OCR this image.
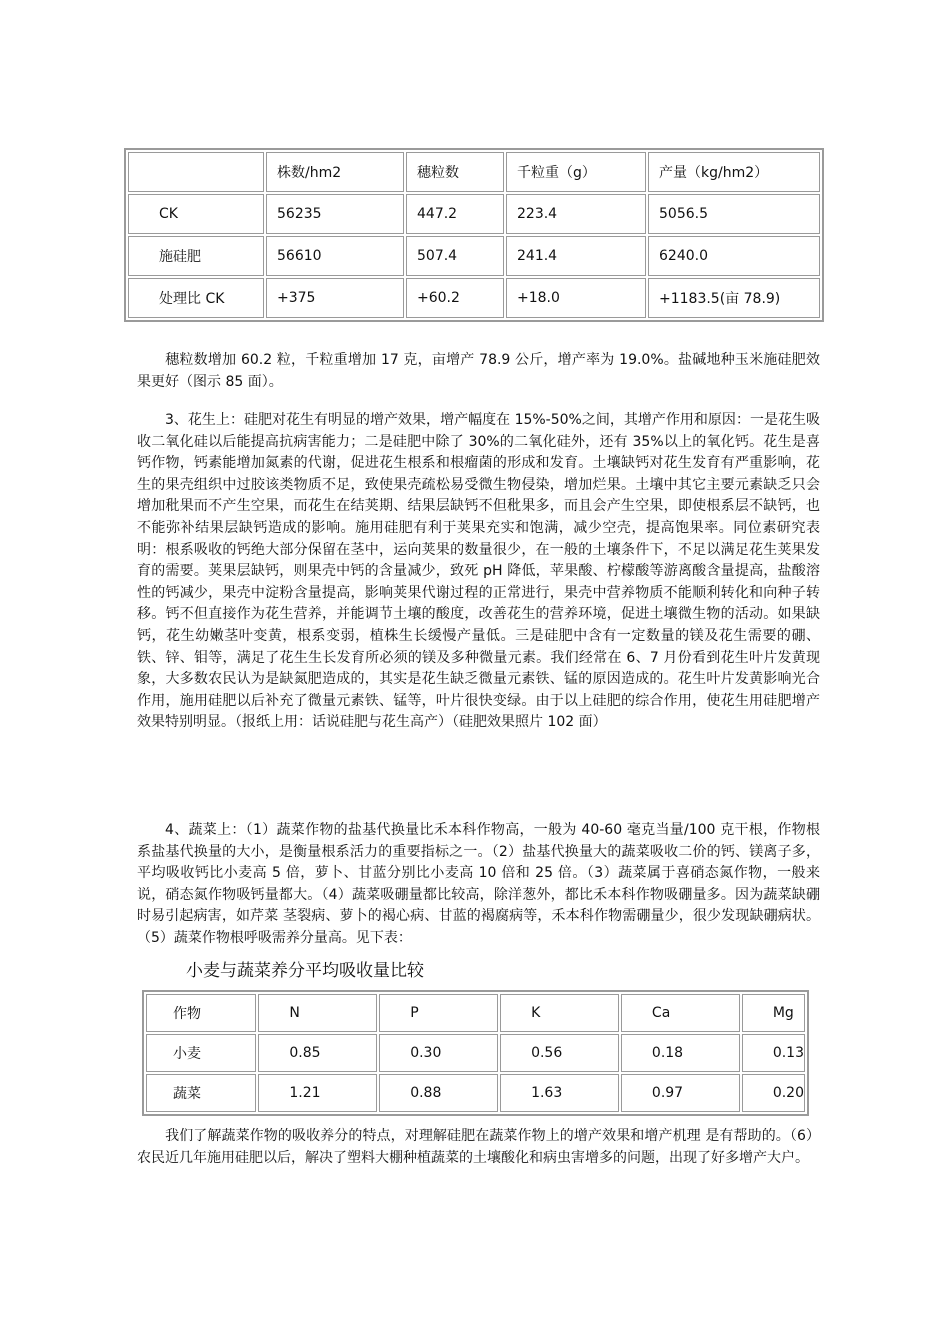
	株数/hm2	穗粒数	千粒重（g）	产量（kg/hm2）
CK	56235	447.2	223.4	5056.5
施硅肥	56610	507.4	241.4	6240.0
处理比 CK	+375	+60.2	+18.0	+1183.5(亩 78.9)

穗粒数增加 60.2 粒，千粒重增加 17 克，亩增产 78.9 公斤，增产率为 19.0%。盐碱地种玉米施硅肥效果更好（图示 85 面）。

3、花生上：硅肥对花生有明显的增产效果，增产幅度在 15%-50%之间，其增产作用和原因：一是花生吸收二氧化硅以后能提高抗病害能力；二是硅肥中除了 30%的二氧化硅外，还有 35%以上的氧化钙。花生是喜钙作物，钙素能增加氮素的代谢，促进花生根系和根瘤菌的形成和发育。土壤缺钙对花生发育有严重影响，花生的果壳组织中过胶该类物质不足，致使果壳疏松易受微生物侵染，增加烂果。土壤中其它主要元素缺乏只会增加秕果而不产生空果，而花生在结荚期、结果层缺钙不但秕果多，而且会产生空果，即使根系层不缺钙，也不能弥补结果层缺钙造成的影响。施用硅肥有利于荚果充实和饱满，减少空壳，提高饱果率。同位素研究表明：根系吸收的钙绝大部分保留在茎中，运向荚果的数量很少，在一般的土壤条件下，不足以满足花生荚果发育的需要。荚果层缺钙，则果壳中钙的含量减少，致死 pH 降低，苹果酸、柠檬酸等游离酸含量提高，盐酸溶性的钙减少，果壳中淀粉含量提高，影响荚果代谢过程的正常进行，果壳中营养物质不能顺利转化和向种子转移。钙不但直接作为花生营养，并能调节土壤的酸度，改善花生的营养环境，促进土壤微生物的活动。如果缺钙，花生幼嫩茎叶变黄，根系变弱，植株生长缓慢产量低。三是硅肥中含有一定数量的镁及花生需要的硼、铁、锌、钼等，满足了花生生长发育所必须的镁及多种微量元素。我们经常在 6、7 月份看到花生叶片发黄现象，大多数农民认为是缺氮肥造成的，其实是花生缺乏微量元素铁、锰的原因造成的。花生叶片发黄影响光合作用，施用硅肥以后补充了微量元素铁、锰等，叶片很快变绿。由于以上硅肥的综合作用，使花生用硅肥增产效果特别明显。（报纸上用：话说硅肥与花生高产）（硅肥效果照片 102 面）

4、蔬菜上：（1）蔬菜作物的盐基代换量比禾本科作物高，一般为 40-60 毫克当量/100 克干根，作物根系盐基代换量的大小，是衡量根系活力的重要指标之一。（2）盐基代换量大的蔬菜吸收二价的钙、镁离子多，平均吸收钙比小麦高 5 倍，萝卜、甘蓝分别比小麦高 10 倍和 25 倍。（3）蔬菜属于喜硝态氮作物，一般来说，硝态氮作物吸钙量都大。（4）蔬菜吸硼量都比较高，除洋葱外，都比禾本科作物吸硼量多。因为蔬菜缺硼时易引起病害，如芹菜 茎裂病、萝卜的褐心病、甘蓝的褐腐病等，禾本科作物需硼量少，很少发现缺硼病状。（5）蔬菜作物根呼吸需养分量高。见下表：

小麦与蔬菜养分平均吸收量比较
作物	N	P	K	Ca	Mg
小麦	0.85	0.30	0.56	0.18	0.13
蔬菜	1.21	0.88	1.63	0.97	0.20

我们了解蔬菜作物的吸收养分的特点，对理解硅肥在蔬菜作物上的增产效果和增产机理 是有帮助的。（6）农民近几年施用硅肥以后，解决了塑料大棚种植蔬菜的土壤酸化和病虫害增多的问题，出现了好多增产大户。
